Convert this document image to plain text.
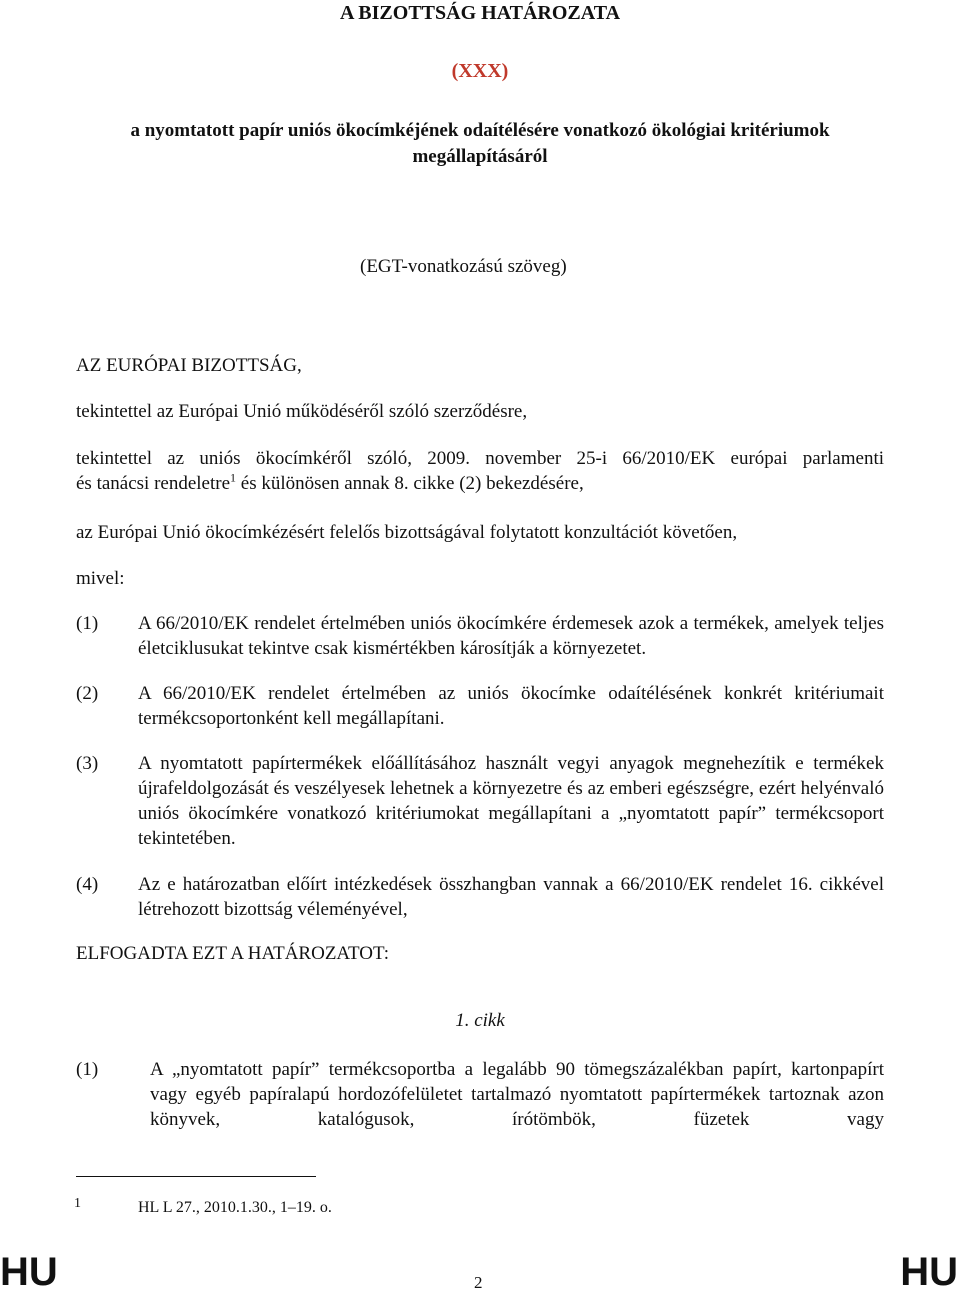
A BIZOTTSÁG HATÁROZATA
(XXX)
a nyomtatott papír uniós ökocímkéjének odaítélésére vonatkozó ökológiai kritériumok
megállapításáról
(EGT-vonatkozású szöveg)
AZ EURÓPAI BIZOTTSÁG,
tekintettel az Európai Unió működéséről szóló szerződésre,
tekintettel az uniós ökocímkéről szóló, 2009. november 25-i 66/2010/EK európai parlamenti
és tanácsi rendeletre$^1$ és különösen annak 8. cikke (2) bekezdésére,
az Európai Unió ökocímkézésért felelős bizottságával folytatott konzultációt követően,
mivel:
(1) A 66/2010/EK rendelet értelmében uniós ökocímkére érdemesek azok a termékek, amelyek teljes életciklusukat tekintve csak kismértékben károsítják a környezetet.
(2) A 66/2010/EK rendelet értelmében az uniós ökocímke odaítélésének konkrét kritériumait termékcsoportonként kell megállapítani.
(3) A nyomtatott papírtermékek előállításához használt vegyi anyagok megnehezítik e termékek újrafeldolgozását és veszélyesek lehetnek a környezetre és az emberi egészségre, ezért helyénvaló uniós ökocímkére vonatkozó kritériumokat megállapítani a „nyomtatott papír” termékcsoport tekintetében.
(4) Az e határozatban előírt intézkedések összhangban vannak a 66/2010/EK rendelet 16. cikkével létrehozott bizottság véleményével,
ELFOGADTA EZT A HATÁROZATOT:
1. cikk
(1)	A „nyomtatott papír” termékcsoportba a legalább 90 tömegszázalékban papírt, kartonpapírt vagy egyéb papíralapú hordozófelületet tartalmazó nyomtatott papírtermékek tartoznak azon könyvek, katalógusok, írótömbök, füzetek vagy
1	HL L 27., 2010.1.30., 1–19. o.
HU	2	HU
